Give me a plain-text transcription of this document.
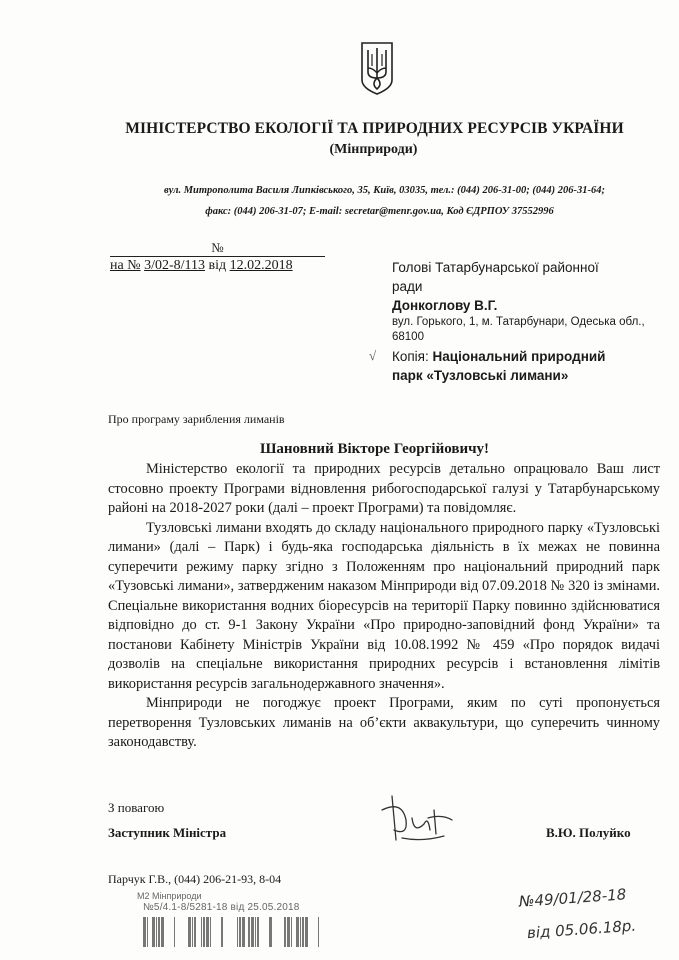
МІНІСТЕРСТВО ЕКОЛОГІЇ ТА ПРИРОДНИХ РЕСУРСІВ УКРАЇНИ
(Мінприроди)
вул. Митрополита Василя Липківського, 35, Київ, 03035, тел.: (044) 206-31-00; (044) 206-31-64;
факс: (044) 206-31-07; E-mail: secretar@menr.gov.ua, Код ЄДРПОУ 37552996
№
на № 3/02-8/113 від 12.02.2018	Голові Татарбунарської районної
ради
Донкоглову В.Г.
вул. Горького, 1, м. Татарбунари, Одеська обл., 68100
Копія: Національний природний
парк «Тузловські лимани»
√
Про програму зарибления лиманів
Шановний Вікторе Георгійовичу!

Міністерство екології та природних ресурсів детально опрацювало Ваш лист стосовно проекту Програми відновлення рибогосподарської галузі у Татарбунарському районі на 2018-2027 роки (далі – проект Програми) та повідомляє.

Тузловські лимани входять до складу національного природного парку «Тузловські лимани» (далі – Парк) і будь-яка господарська діяльність в їх межах не повинна суперечити режиму парку згідно з Положенням про національний природний парк «Тузовські лимани», затвердженим наказом Мінприроди від 07.09.2018 № 320 із змінами. Спеціальне використання водних біоресурсів на території Парку повинно здійснюватися відповідно до ст. 9-1 Закону України «Про природно-заповідний фонд України» та постанови Кабінету Міністрів України від 10.08.1992 № 459 «Про порядок видачі дозволів на спеціальне використання природних ресурсів і встановлення лімітів використання ресурсів загальнодержавного значення».

Мінприроди не погоджує проект Програми, яким по суті пропонується перетворення Тузловських лиманів на об’єкти аквакультури, що суперечить чинному законодавству.

З повагою
Заступник Міністра	В.Ю. Полуйко
Парчук Г.В., (044) 206-21-93, 8-04
M2 Мінприроди
№5/4.1-8/5281-18 від 25.05.2018	№49/01/28-18
від 05.06.18р.
